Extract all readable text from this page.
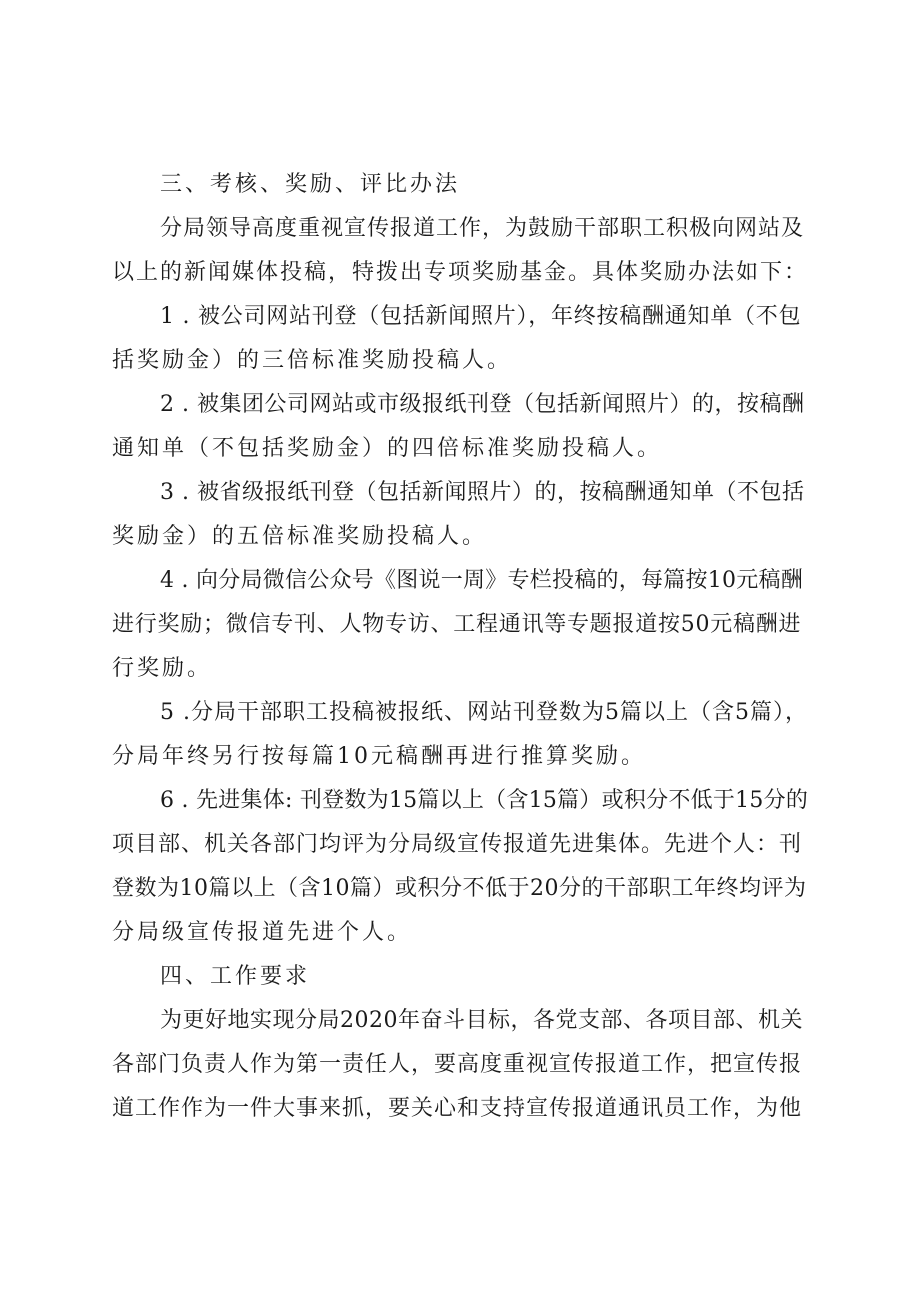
三、考核、奖励、评比办法
分局领导高度重视宣传报道工作，为鼓励干部职工积极向网站及
以上的新闻媒体投稿，特拨出专项奖励基金。具体奖励办法如下：
1 . 被公司网站刊登（包括新闻照片），年终按稿酬通知单（不包
括奖励金）的三倍标准奖励投稿人。
2 . 被集团公司网站或市级报纸刊登（包括新闻照片）的，按稿酬
通知单（不包括奖励金）的四倍标准奖励投稿人。
3 . 被省级报纸刊登（包括新闻照片）的，按稿酬通知单（不包括
奖励金）的五倍标准奖励投稿人。
4 . 向分局微信公众号《图说一周》专栏投稿的，每篇按10元稿酬
进行奖励；微信专刊、人物专访、工程通讯等专题报道按50元稿酬进
行奖励。
5 .分局干部职工投稿被报纸、网站刊登数为5篇以上（含5篇），
分局年终另行按每篇10元稿酬再进行推算奖励。
6 . 先进集体: 刊登数为15篇以上（含15篇）或积分不低于15分的
项目部、机关各部门均评为分局级宣传报道先进集体。先进个人：刊
登数为10篇以上（含10篇）或积分不低于20分的干部职工年终均评为
分局级宣传报道先进个人。
四、工作要求
为更好地实现分局2020年奋斗目标，各党支部、各项目部、机关
各部门负责人作为第一责任人，要高度重视宣传报道工作，把宣传报
道工作作为一件大事来抓，要关心和支持宣传报道通讯员工作，为他
